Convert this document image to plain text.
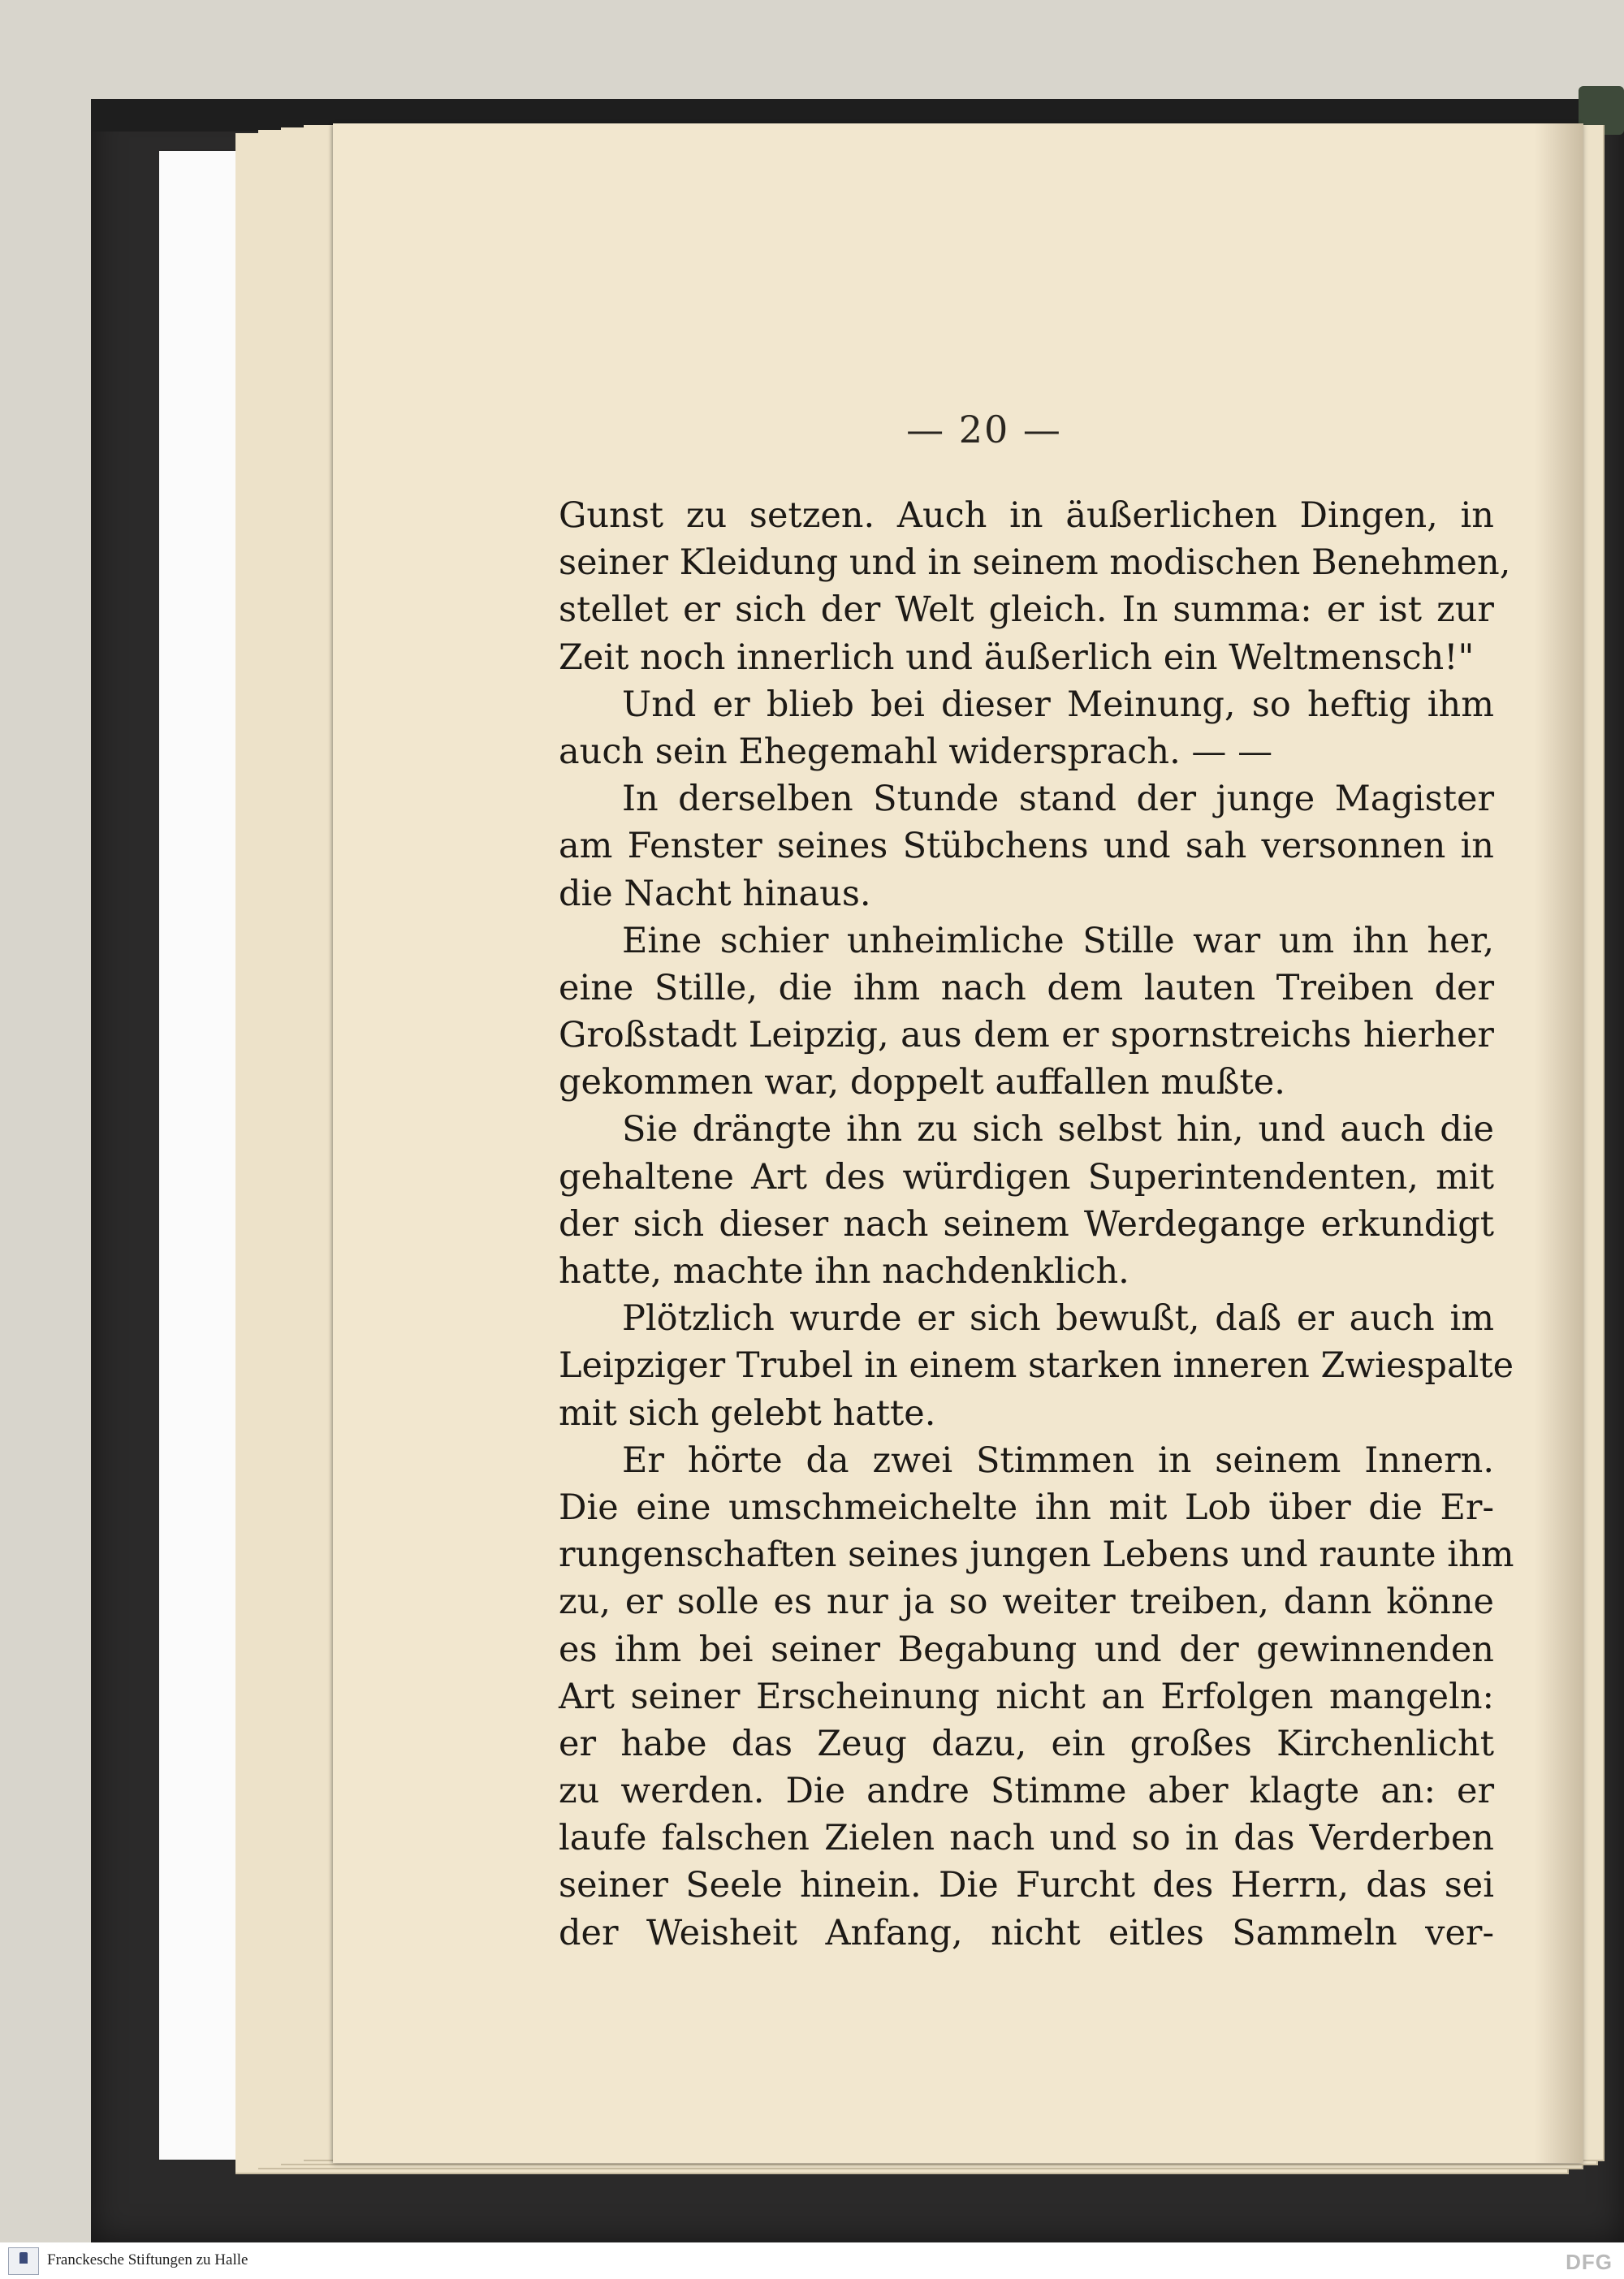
— 20 —
Gunst zu setzen. Auch in äußerlichen Dingen, in
seiner Kleidung und in seinem modischen Benehmen,
stellet er sich der Welt gleich. In summa: er ist zur
Zeit noch innerlich und äußerlich ein Weltmensch!"
Und er blieb bei dieser Meinung, so heftig ihm
auch sein Ehegemahl widersprach. — —
In derselben Stunde stand der junge Magister
am Fenster seines Stübchens und sah versonnen in
die Nacht hinaus.
Eine schier unheimliche Stille war um ihn her,
eine Stille, die ihm nach dem lauten Treiben der
Großstadt Leipzig, aus dem er spornstreichs hierher
gekommen war, doppelt auffallen mußte.
Sie drängte ihn zu sich selbst hin, und auch die
gehaltene Art des würdigen Superintendenten, mit
der sich dieser nach seinem Werdegange erkundigt
hatte, machte ihn nachdenklich.
Plötzlich wurde er sich bewußt, daß er auch im
Leipziger Trubel in einem starken inneren Zwiespalte
mit sich gelebt hatte.
Er hörte da zwei Stimmen in seinem Innern.
Die eine umschmeichelte ihn mit Lob über die Er-
rungenschaften seines jungen Lebens und raunte ihm
zu, er solle es nur ja so weiter treiben, dann könne
es ihm bei seiner Begabung und der gewinnenden
Art seiner Erscheinung nicht an Erfolgen mangeln:
er habe das Zeug dazu, ein großes Kirchenlicht
zu werden. Die andre Stimme aber klagte an: er
laufe falschen Zielen nach und so in das Verderben
seiner Seele hinein. Die Furcht des Herrn, das sei
der Weisheit Anfang, nicht eitles Sammeln ver-
Franckesche Stiftungen zu Halle	DFG
